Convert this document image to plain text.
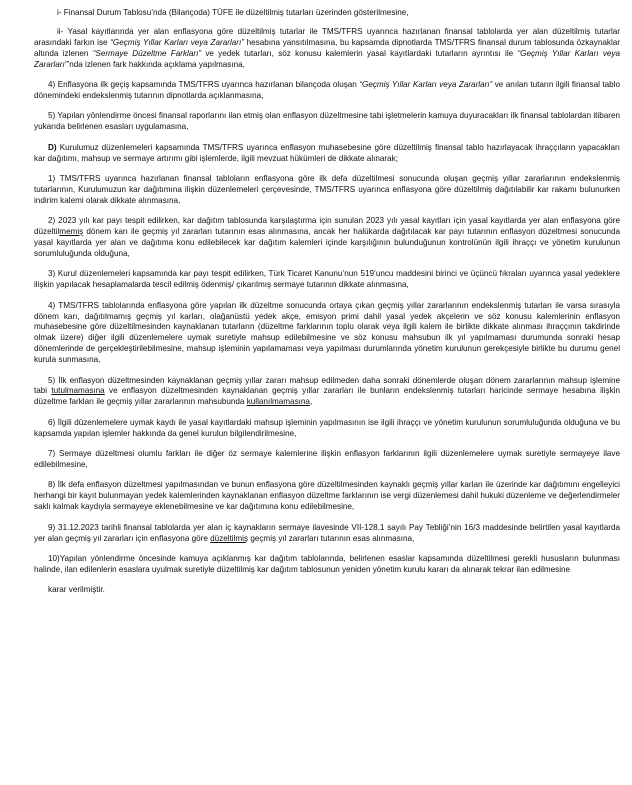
i- Finansal Durum Tablosu’nda (Bilançoda) TÜFE ile düzeltilmiş tutarları üzerinden gösterilmesine,

ii- Yasal kayıtlarında yer alan enflasyona göre düzeltilmiş tutarlar ile TMS/TFRS uyarınca hazırlanan finansal tablolarda yer alan düzeltilmiş tutarlar arasındaki farkın ise “Geçmiş Yıllar Karları veya Zararları” hesabına yansıtılmasına, bu kapsamda dipnotlarda TMS/TFRS finansal durum tablosunda özkaynaklar altında izlenen “Sermaye Düzeltme Farkları” ve yedek tutarları, söz konusu kalemlerin yasal kayıtlardaki tutarların ayrıntısı ile “Geçmiş Yıllar Karları veya Zararları”’nda izlenen fark hakkında açıklama yapılmasına,

4) Enflasyona ilk geçiş kapsamında TMS/TFRS uyarınca hazırlanan bilançoda oluşan “Geçmiş Yıllar Karları veya Zararları” ve anılan tutarın ilgili finansal tablo dönemindeki endekslenmiş tutarının dipnotlarda açıklanmasına,

5) Yapılan yönlendirme öncesi finansal raporlarını ilan etmiş olan enflasyon düzeltmesine tabi işletmelerin kamuya duyuracakları ilk finansal tablolardan itibaren yukarıda belirlenen esasları uygulamasına,

D) Kurulumuz düzenlemeleri kapsamında TMS/TFRS uyarınca enflasyon muhasebesine göre düzeltilmiş finansal tablo hazırlayacak ihraççıların yapacakları kar dağıtımı, mahsup ve sermaye artırımı gibi işlemlerde, ilgili mevzuat hükümleri de dikkate alınarak;

1) TMS/TFRS uyarınca hazırlanan finansal tabloların enflasyona göre ilk defa düzeltilmesi sonucunda oluşan geçmiş yıllar zararlarının endekslenmiş tutarlarının, Kurulumuzun kar dağıtımına ilişkin düzenlemeleri çerçevesinde, TMS/TFRS uyarınca enflasyona göre düzeltilmiş dağıtılabilir kar rakamı bulunurken indirim kalemi olarak dikkate alınmasına,

2) 2023 yılı kar payı tespit edilirken, kar dağıtım tablosunda karşılaştırma için sunulan 2023 yılı yasal kayıtları için yasal kayıtlarda yer alan enflasyona göre düzeltilmemiş dönem karı ile geçmiş yıl zararları tutarının esas alınmasına, ancak her halükarda dağıtılacak kar payı tutarının enflasyon düzeltmesi sonucunda yasal kayıtlarda yer alan ve dağıtıma konu edilebilecek kar dağıtım kalemleri içinde karşılığının bulunduğunun kontrolünün ilgili ihraççı ve yönetim kurulunun sorumluluğunda olduğuna,

3) Kurul düzenlemeleri kapsamında kar payı tespit edilirken, Türk Ticaret Kanunu’nun 519’uncu maddesini birinci ve üçüncü fıkraları uyarınca yasal yedeklere ilişkin yapılacak hesaplamalarda tescil edilmiş ödenmiş/ çıkarılmış sermaye tutarının dikkate alınmasına,

4) TMS/TFRS tablolarında enflasyona göre yapılan ilk düzeltme sonucunda ortaya çıkan geçmiş yıllar zararlarının endekslenmiş tutarları ile varsa sırasıyla dönem karı, dağıtılmamış geçmiş yıl karları, olağanüstü yedek akçe, emisyon primi dahil yasal yedek akçelerin ve söz konusu kalemlerinin enflasyon muhasebesine göre düzeltilmesinden kaynaklanan tutarların (düzeltme farklarının toplu olarak veya ilgili kalem ile birlikte dikkate alınması ihraççının takdirinde olmak üzere) diğer ilgili düzenlemelere uymak suretiyle mahsup edilebilmesine ve söz konusu mahsubun ilk yıl yapılmaması durumunda sonraki hesap dönemlerinde de gerçekleştirilebilmesine, mahsup işleminin yapılamaması veya yapılması durumlarında yönetim kurulunun gerekçesiyle birlikte bu durumu genel kurula sunmasına,

5) İlk enflasyon düzeltmesinden kaynaklanan geçmiş yıllar zararı mahsup edilmeden daha sonraki dönemlerde oluşan dönem zararlarının mahsup işlemine tabi tutulmamasına ve enflasyon düzeltmesinden kaynaklanan geçmiş yıllar zararları ile bunların endekslenmiş tutarları haricinde sermaye hesabına ilişkin düzeltme farkları ile geçmiş yıllar zararlarının mahsubunda kullanılmamasına,

6) İlgili düzenlemelere uymak kaydı ile yasal kayıtlardaki mahsup işleminin yapılmasının ise ilgili ihraççı ve yönetim kurulunun sorumluluğunda olduğuna ve bu kapsamda yapılan işlemler hakkında da genel kurulun bilgilendirilmesine,

7) Sermaye düzeltmesi olumlu farkları ile diğer öz sermaye kalemlerine ilişkin enflasyon farklarının ilgili düzenlemelere uymak suretiyle sermayeye ilave edilebilmesine,

8) İlk defa enflasyon düzeltmesi yapılmasından ve bunun enflasyona göre düzeltilmesinden kaynaklı geçmiş yıllar karları ile üzerinde kar dağıtımını engelleyici herhangi bir kayıt bulunmayan yedek kalemlerinden kaynaklanan enflasyon düzeltme farklarının ise vergi düzenlemesi dahil hukuki düzenleme ve değerlendirmeler saklı kalmak kaydıyla sermayeye eklenebilmesine ve kar dağıtımına konu edilebilmesine,

9) 31.12.2023 tarihli finansal tablolarda yer alan iç kaynakların sermaye ilavesinde VII-128.1 sayılı Pay Tebliği’nin 16/3 maddesinde belirtilen yasal kayıtlarda yer alan geçmiş yıl zararları için enflasyona göre düzeltilmiş geçmiş yıl zararları tutarının esas alınmasına,

10)Yapılan yönlendirme öncesinde kamuya açıklanmış kar dağıtım tablolarında, belirlenen esaslar kapsamında düzeltilmesi gerekli hususların bulunması halinde, ilan edilenlerin esaslara uyulmak suretiyle düzeltilmiş kar dağıtım tablosunun yeniden yönetim kurulu kararı da alınarak tekrar ilan edilmesine

karar verilmiştir.
